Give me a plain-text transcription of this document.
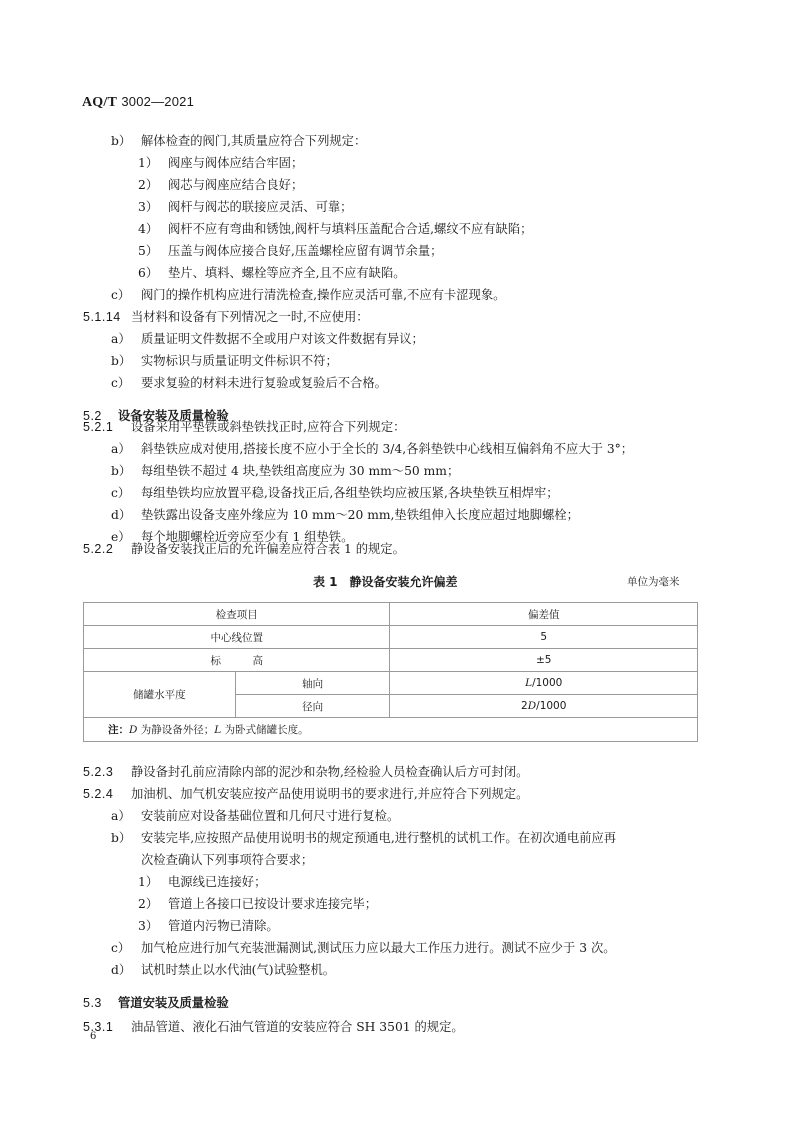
AQ/T 3002—2021
b） 解体检查的阀门,其质量应符合下列规定：
1） 阀座与阀体应结合牢固；
2） 阀芯与阀座应结合良好；
3） 阀杆与阀芯的联接应灵活、可靠；
4） 阀杆不应有弯曲和锈蚀,阀杆与填料压盖配合合适,螺纹不应有缺陷；
5） 压盖与阀体应接合良好,压盖螺栓应留有调节余量；
6） 垫片、填料、螺栓等应齐全,且不应有缺陷。
c） 阀门的操作机构应进行清洗检查,操作应灵活可靠,不应有卡涩现象。
5.1.14 当材料和设备有下列情况之一时,不应使用：
a） 质量证明文件数据不全或用户对该文件数据有异议；
b） 实物标识与质量证明文件标识不符；
c） 要求复验的材料未进行复验或复验后不合格。
5.2 设备安装及质量检验
5.2.1 设备采用平垫铁或斜垫铁找正时,应符合下列规定：
a） 斜垫铁应成对使用,搭接长度不应小于全长的 3/4,各斜垫铁中心线相互偏斜角不应大于 3°；
b） 每组垫铁不超过 4 块,垫铁组高度应为 30 mm～50 mm；
c） 每组垫铁均应放置平稳,设备找正后,各组垫铁均应被压紧,各块垫铁互相焊牢；
d） 垫铁露出设备支座外缘应为 10 mm～20 mm,垫铁组伸入长度应超过地脚螺栓；
e） 每个地脚螺栓近旁应至少有 1 组垫铁。
5.2.2 静设备安装找正后的允许偏差应符合表 1 的规定。
表 1　静设备安装允许偏差	单位为毫米
检查项目		偏差值
中心线位置		5
标　　　高		±5
储罐水平度	轴向	L/1000
	径向	2D/1000
注：D 为静设备外径；L 为卧式储罐长度。		
5.2.3 静设备封孔前应清除内部的泥沙和杂物,经检验人员检查确认后方可封闭。
5.2.4 加油机、加气机安装应按产品使用说明书的要求进行,并应符合下列规定。
a） 安装前应对设备基础位置和几何尺寸进行复检。
b） 安装完毕,应按照产品使用说明书的规定预通电,进行整机的试机工作。在初次通电前应再
次检查确认下列事项符合要求；
1） 电源线已连接好；
2） 管道上各接口已按设计要求连接完毕；
3） 管道内污物已清除。
c） 加气枪应进行加气充装泄漏测试,测试压力应以最大工作压力进行。测试不应少于 3 次。
d） 试机时禁止以水代油(气)试验整机。
5.3 管道安装及质量检验
5.3.1 油品管道、液化石油气管道的安装应符合 SH 3501 的规定。
6
